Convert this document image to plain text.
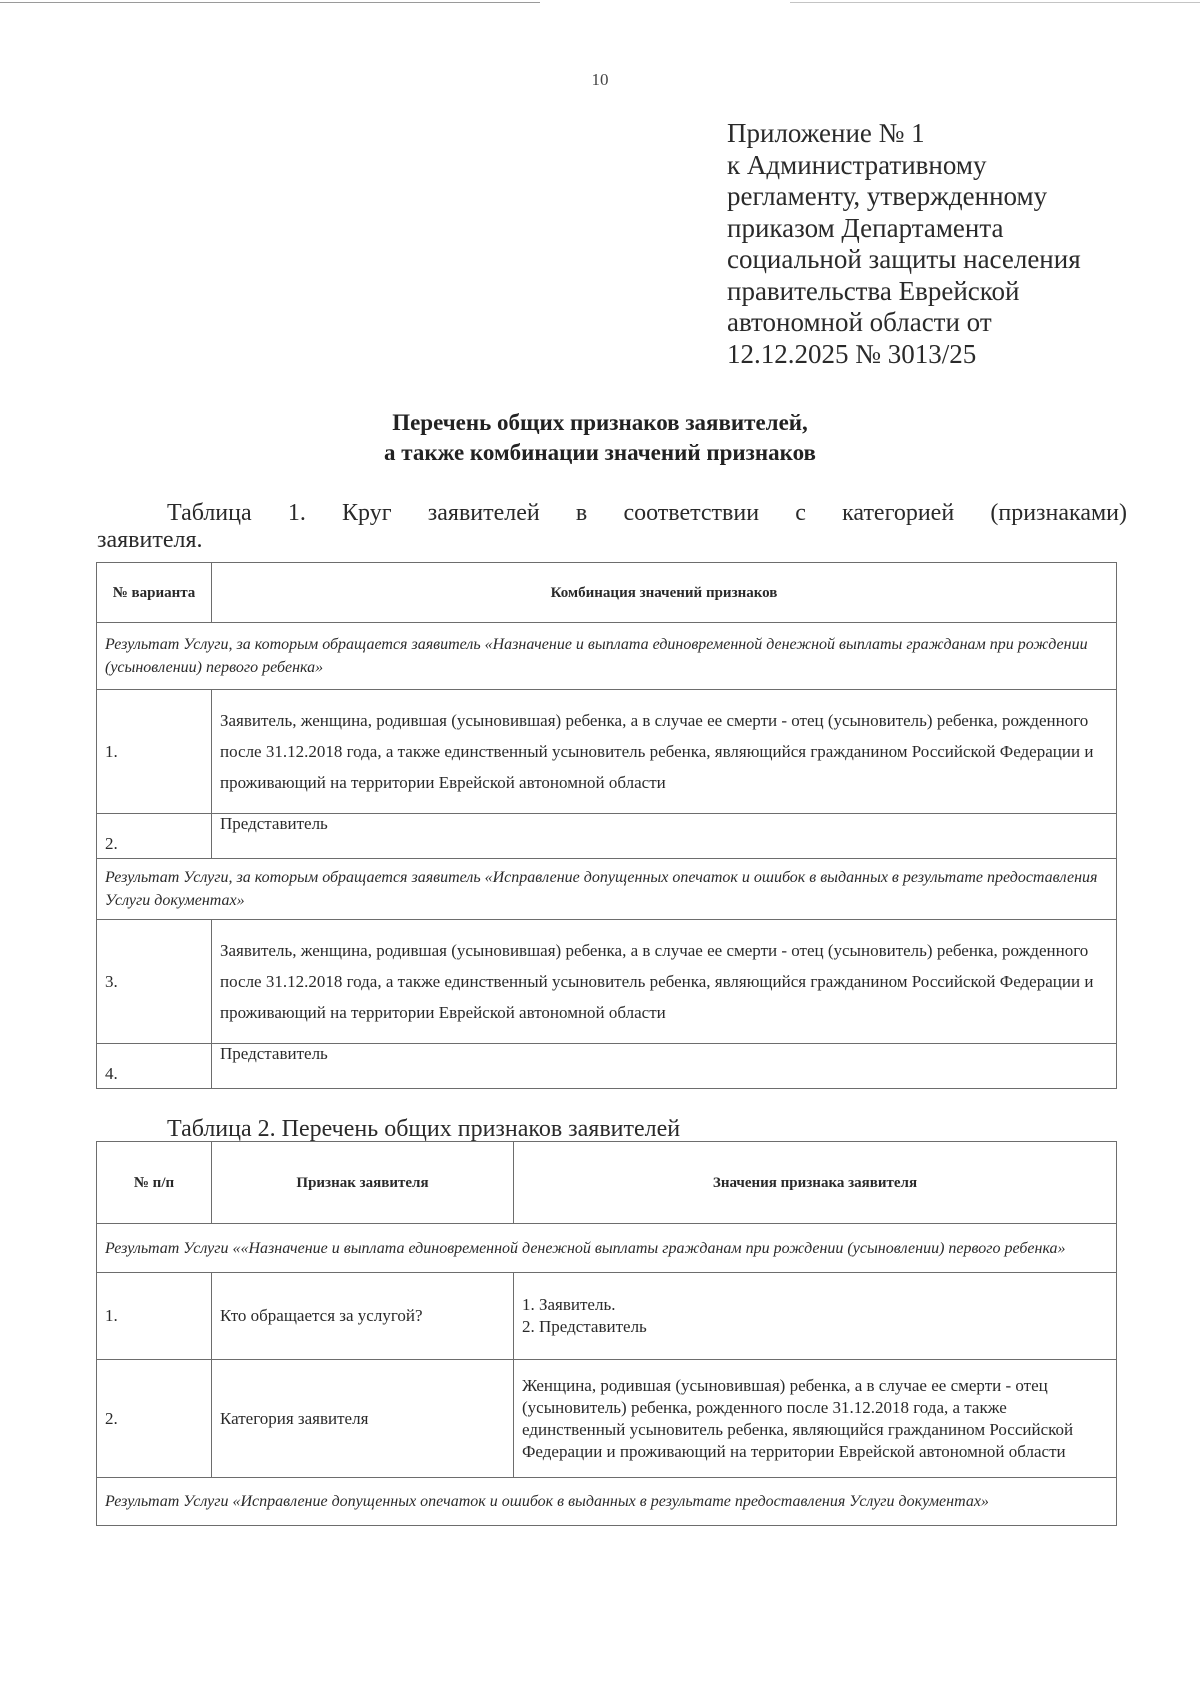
10
Приложение № 1
к Административному
регламенту, утвержденному
приказом Департамента
социальной защиты населения
правительства Еврейской
автономной области от
12.12.2025 № 3013/25
Перечень общих признаков заявителей,
а также комбинации значений признаков
Таблица 1. Круг заявителей в соответствии с категорией (признаками)
заявителя.
№ варианта	Комбинация значений признаков
Результат Услуги, за которым обращается заявитель «Назначение и выплата единовременной денежной выплаты гражданам при рождении (усыновлении) первого ребенка»	
1.	Заявитель, женщина, родившая (усыновившая) ребенка, а в случае ее смерти - отец (усыновитель) ребенка, рожденного после 31.12.2018 года, а также единственный усыновитель ребенка, являющийся гражданином Российской Федерации и проживающий на территории Еврейской автономной области
2.	Представитель
Результат Услуги, за которым обращается заявитель «Исправление допущенных опечаток и ошибок в выданных в результате предоставления Услуги документах»	
3.	Заявитель, женщина, родившая (усыновившая) ребенка, а в случае ее смерти - отец (усыновитель) ребенка, рожденного после 31.12.2018 года, а также единственный усыновитель ребенка, являющийся гражданином Российской Федерации и проживающий на территории Еврейской автономной области
4.	Представитель
Таблица 2. Перечень общих признаков заявителей
№ п/п	Признак заявителя	Значения признака заявителя
Результат Услуги ««Назначение и выплата единовременной денежной выплаты гражданам при рождении (усыновлении) первого ребенка»		
1.	Кто обращается за услугой?	1. Заявитель.
2. Представитель

2.	Категория заявителя	Женщина, родившая (усыновившая) ребенка, а в случае ее смерти - отец (усыновитель) ребенка, рожденного после 31.12.2018 года, а также единственный усыновитель ребенка, являющийся гражданином Российской Федерации и проживающий на территории Еврейской автономной области
Результат Услуги «Исправление допущенных опечаток и ошибок в выданных в результате предоставления Услуги документах»		
